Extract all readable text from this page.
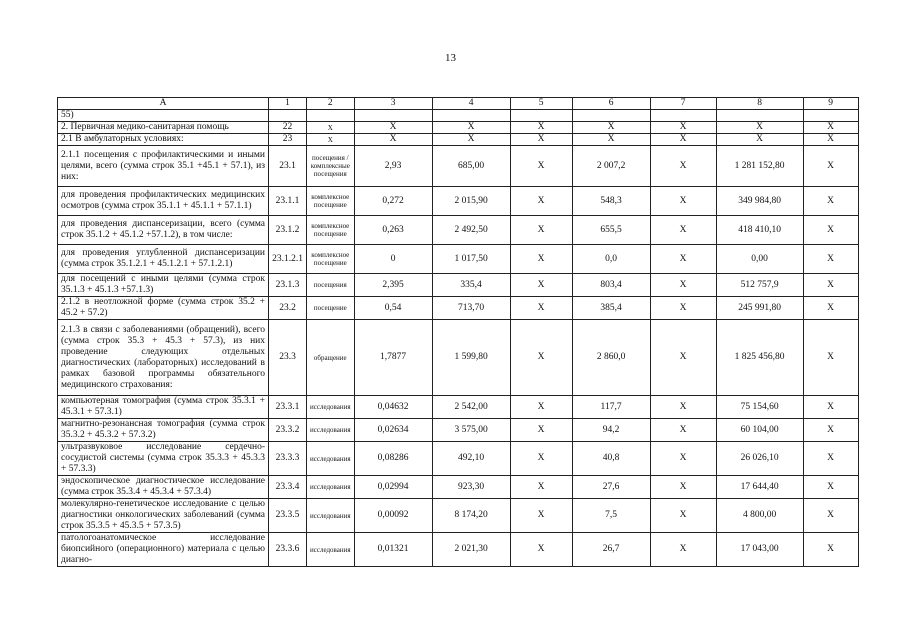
13
А	1	2	3	4	5	6	7	8	9
55)									
2. Первичная медико-санитарная помощь	22	X	X	X	X	X	X	X	X
2.1 В амбулаторных условиях:	23	X	X	X	X	X	X	X	X
2.1.1 посещения с профилактическими и иными целями, всего (сумма строк 35.1 +45.1 + 57.1), из них:	23.1	посещения / комплексные посещения	2,93	685,00	X	2 007,2	X	1 281 152,80	X
для проведения профилактических медицинских осмотров (сумма строк 35.1.1 + 45.1.1 + 57.1.1)	23.1.1	комплексное посещение	0,272	2 015,90	X	548,3	X	349 984,80	X
для проведения диспансеризации, всего (сумма строк 35.1.2 + 45.1.2 +57.1.2), в том числе:	23.1.2	комплексное посещение	0,263	2 492,50	X	655,5	X	418 410,10	X
для проведения углубленной диспансеризации (сумма строк 35.1.2.1 + 45.1.2.1 + 57.1.2.1)	23.1.2.1	комплексное посещение	0	1 017,50	X	0,0	X	0,00	X
для посещений с иными целями (сумма строк 35.1.3 + 45.1.3 +57.1.3)	23.1.3	посещения	2,395	335,4	X	803,4	X	512 757,9	X
2.1.2 в неотложной форме (сумма строк 35.2 + 45.2 + 57.2)	23.2	посещение	0,54	713,70	X	385,4	X	245 991,80	X
2.1.3 в связи с заболеваниями (обращений), всего (сумма строк 35.3 + 45.3 + 57.3), из них проведение следующих отдельных диагностических (лабораторных) исследований в рамках базовой программы обязательного медицинского страхования:	23.3	обращение	1,7877	1 599,80	X	2 860,0	X	1 825 456,80	X
компьютерная томография (сумма строк 35.3.1 + 45.3.1 + 57.3.1)	23.3.1	исследования	0,04632	2 542,00	X	117,7	X	75 154,60	X
магнитно-резонансная томография (сумма строк 35.3.2 + 45.3.2 + 57.3.2)	23.3.2	исследования	0,02634	3 575,00	X	94,2	X	60 104,00	X
ультразвуковое исследование сердечно-сосудистой системы (сумма строк 35.3.3 + 45.3.3 + 57.3.3)	23.3.3	исследования	0,08286	492,10	X	40,8	X	26 026,10	X
эндоскопическое диагностическое исследование (сумма строк 35.3.4 + 45.3.4 + 57.3.4)	23.3.4	исследования	0,02994	923,30	X	27,6	X	17 644,40	X
молекулярно-генетическое исследование с целью диагностики онкологических заболеваний (сумма строк 35.3.5 + 45.3.5 + 57.3.5)	23.3.5	исследования	0,00092	8 174,20	X	7,5	X	4 800,00	X
патологоанатомическое исследование биопсийного (операционного) материала с целью диагно-	23.3.6	исследования	0,01321	2 021,30	X	26,7	X	17 043,00	X
